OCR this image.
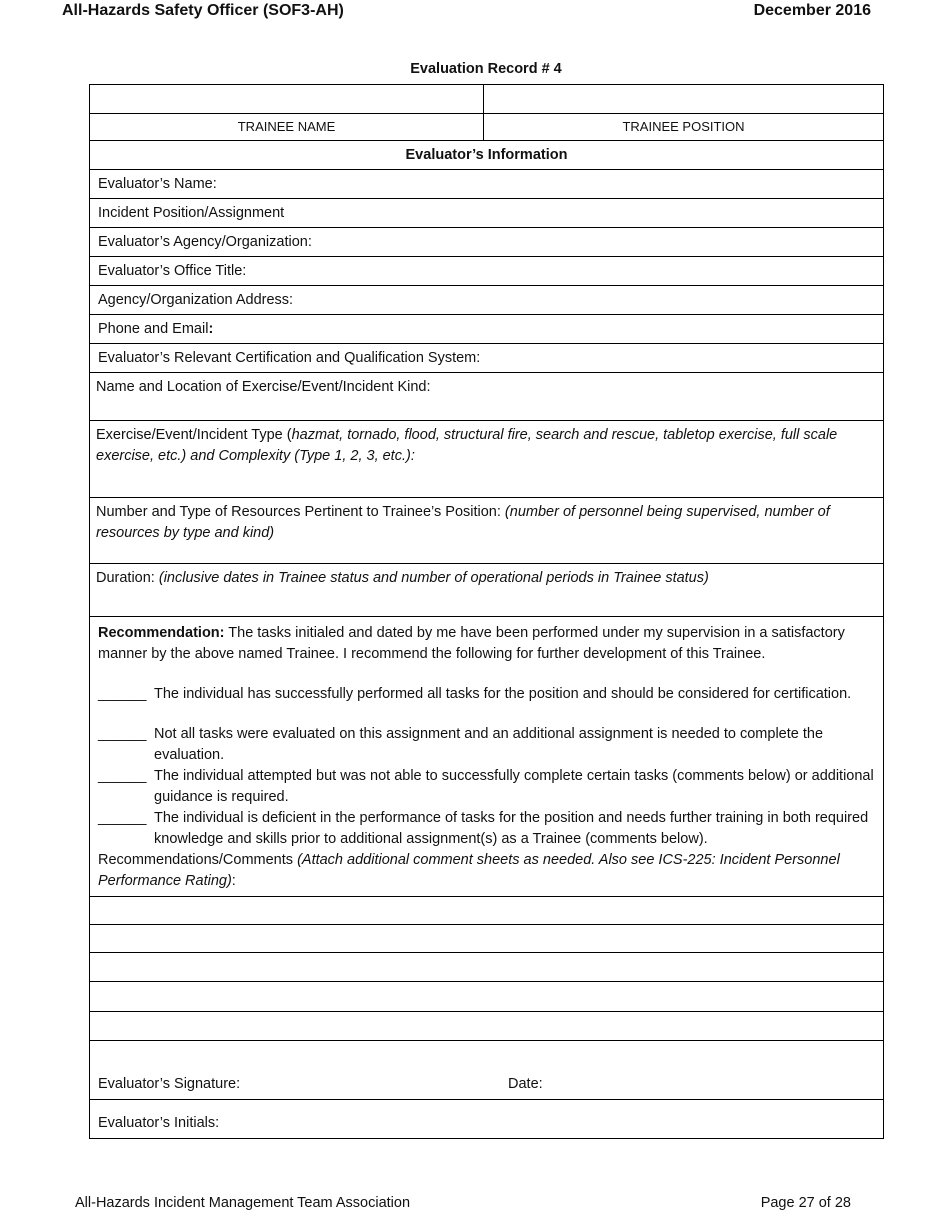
All-Hazards Safety Officer (SOF3-AH)	December 2016
Evaluation Record # 4

TRAINEE NAME	TRAINEE POSITION
Evaluator’s Information	
Evaluator’s Name:	
Incident Position/Assignment	
Evaluator’s Agency/Organization:	
Evaluator’s Office Title:	
Agency/Organization Address:	
Phone and Email:	
Evaluator’s Relevant Certification and Qualification System:	
Name and Location of Exercise/Event/Incident Kind:
Exercise/Event/Incident Type (hazmat, tornado, flood, structural fire, search and rescue, tabletop exercise, full scale exercise, etc.) and Complexity (Type 1, 2, 3, etc.):
Number and Type of Resources Pertinent to Trainee’s Position: (number of personnel being supervised, number of resources by type and kind)
Duration: (inclusive dates in Trainee status and number of operational periods in Trainee status)

Recommendation: The tasks initialed and dated by me have been performed under my supervision in a satisfactory manner by the above named Trainee. I recommend the following for further development of this Trainee.

______ The individual has successfully performed all tasks for the position and should be considered for certification.
______ Not all tasks were evaluated on this assignment and an additional assignment is needed to complete the evaluation.
______ The individual attempted but was not able to successfully complete certain tasks (comments below) or additional guidance is required.
______ The individual is deficient in the performance of tasks for the position and needs further training in both required knowledge and skills prior to additional assignment(s) as a Trainee (comments below).

Recommendations/Comments (Attach additional comment sheets as needed. Also see ICS-225: Incident Personnel Performance Rating):

Evaluator’s Signature:	Date:

Evaluator’s Initials:
All-Hazards Incident Management Team Association	Page 27 of 28
